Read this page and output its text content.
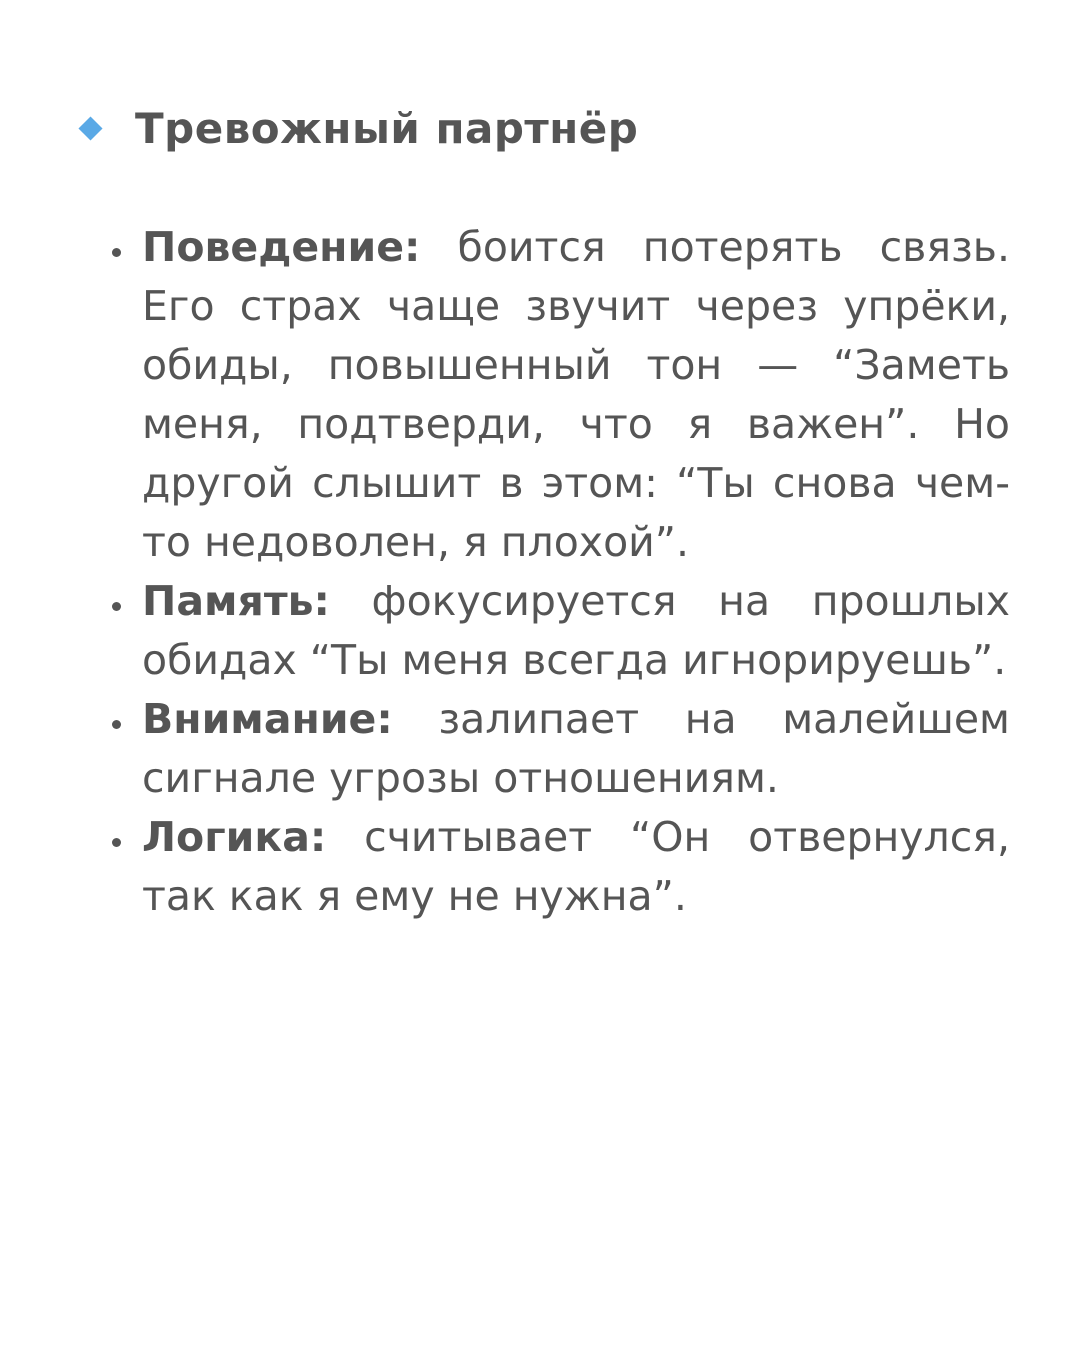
Тревожный партнёр
Поведение: боится потерять связь. Его страх чаще звучит через упрёки, обиды, повышенный тон — “Заметь меня, подтверди, что я важен”. Но другой слышит в этом: “Ты снова чем-то недоволен, я плохой”.
Память: фокусируется на прошлых обидах “Ты меня всегда игнорируешь”.
Внимание: залипает на малейшем сигнале угрозы отношениям.
Логика: считывает “Он отвернулся, так как я ему не нужна”.
